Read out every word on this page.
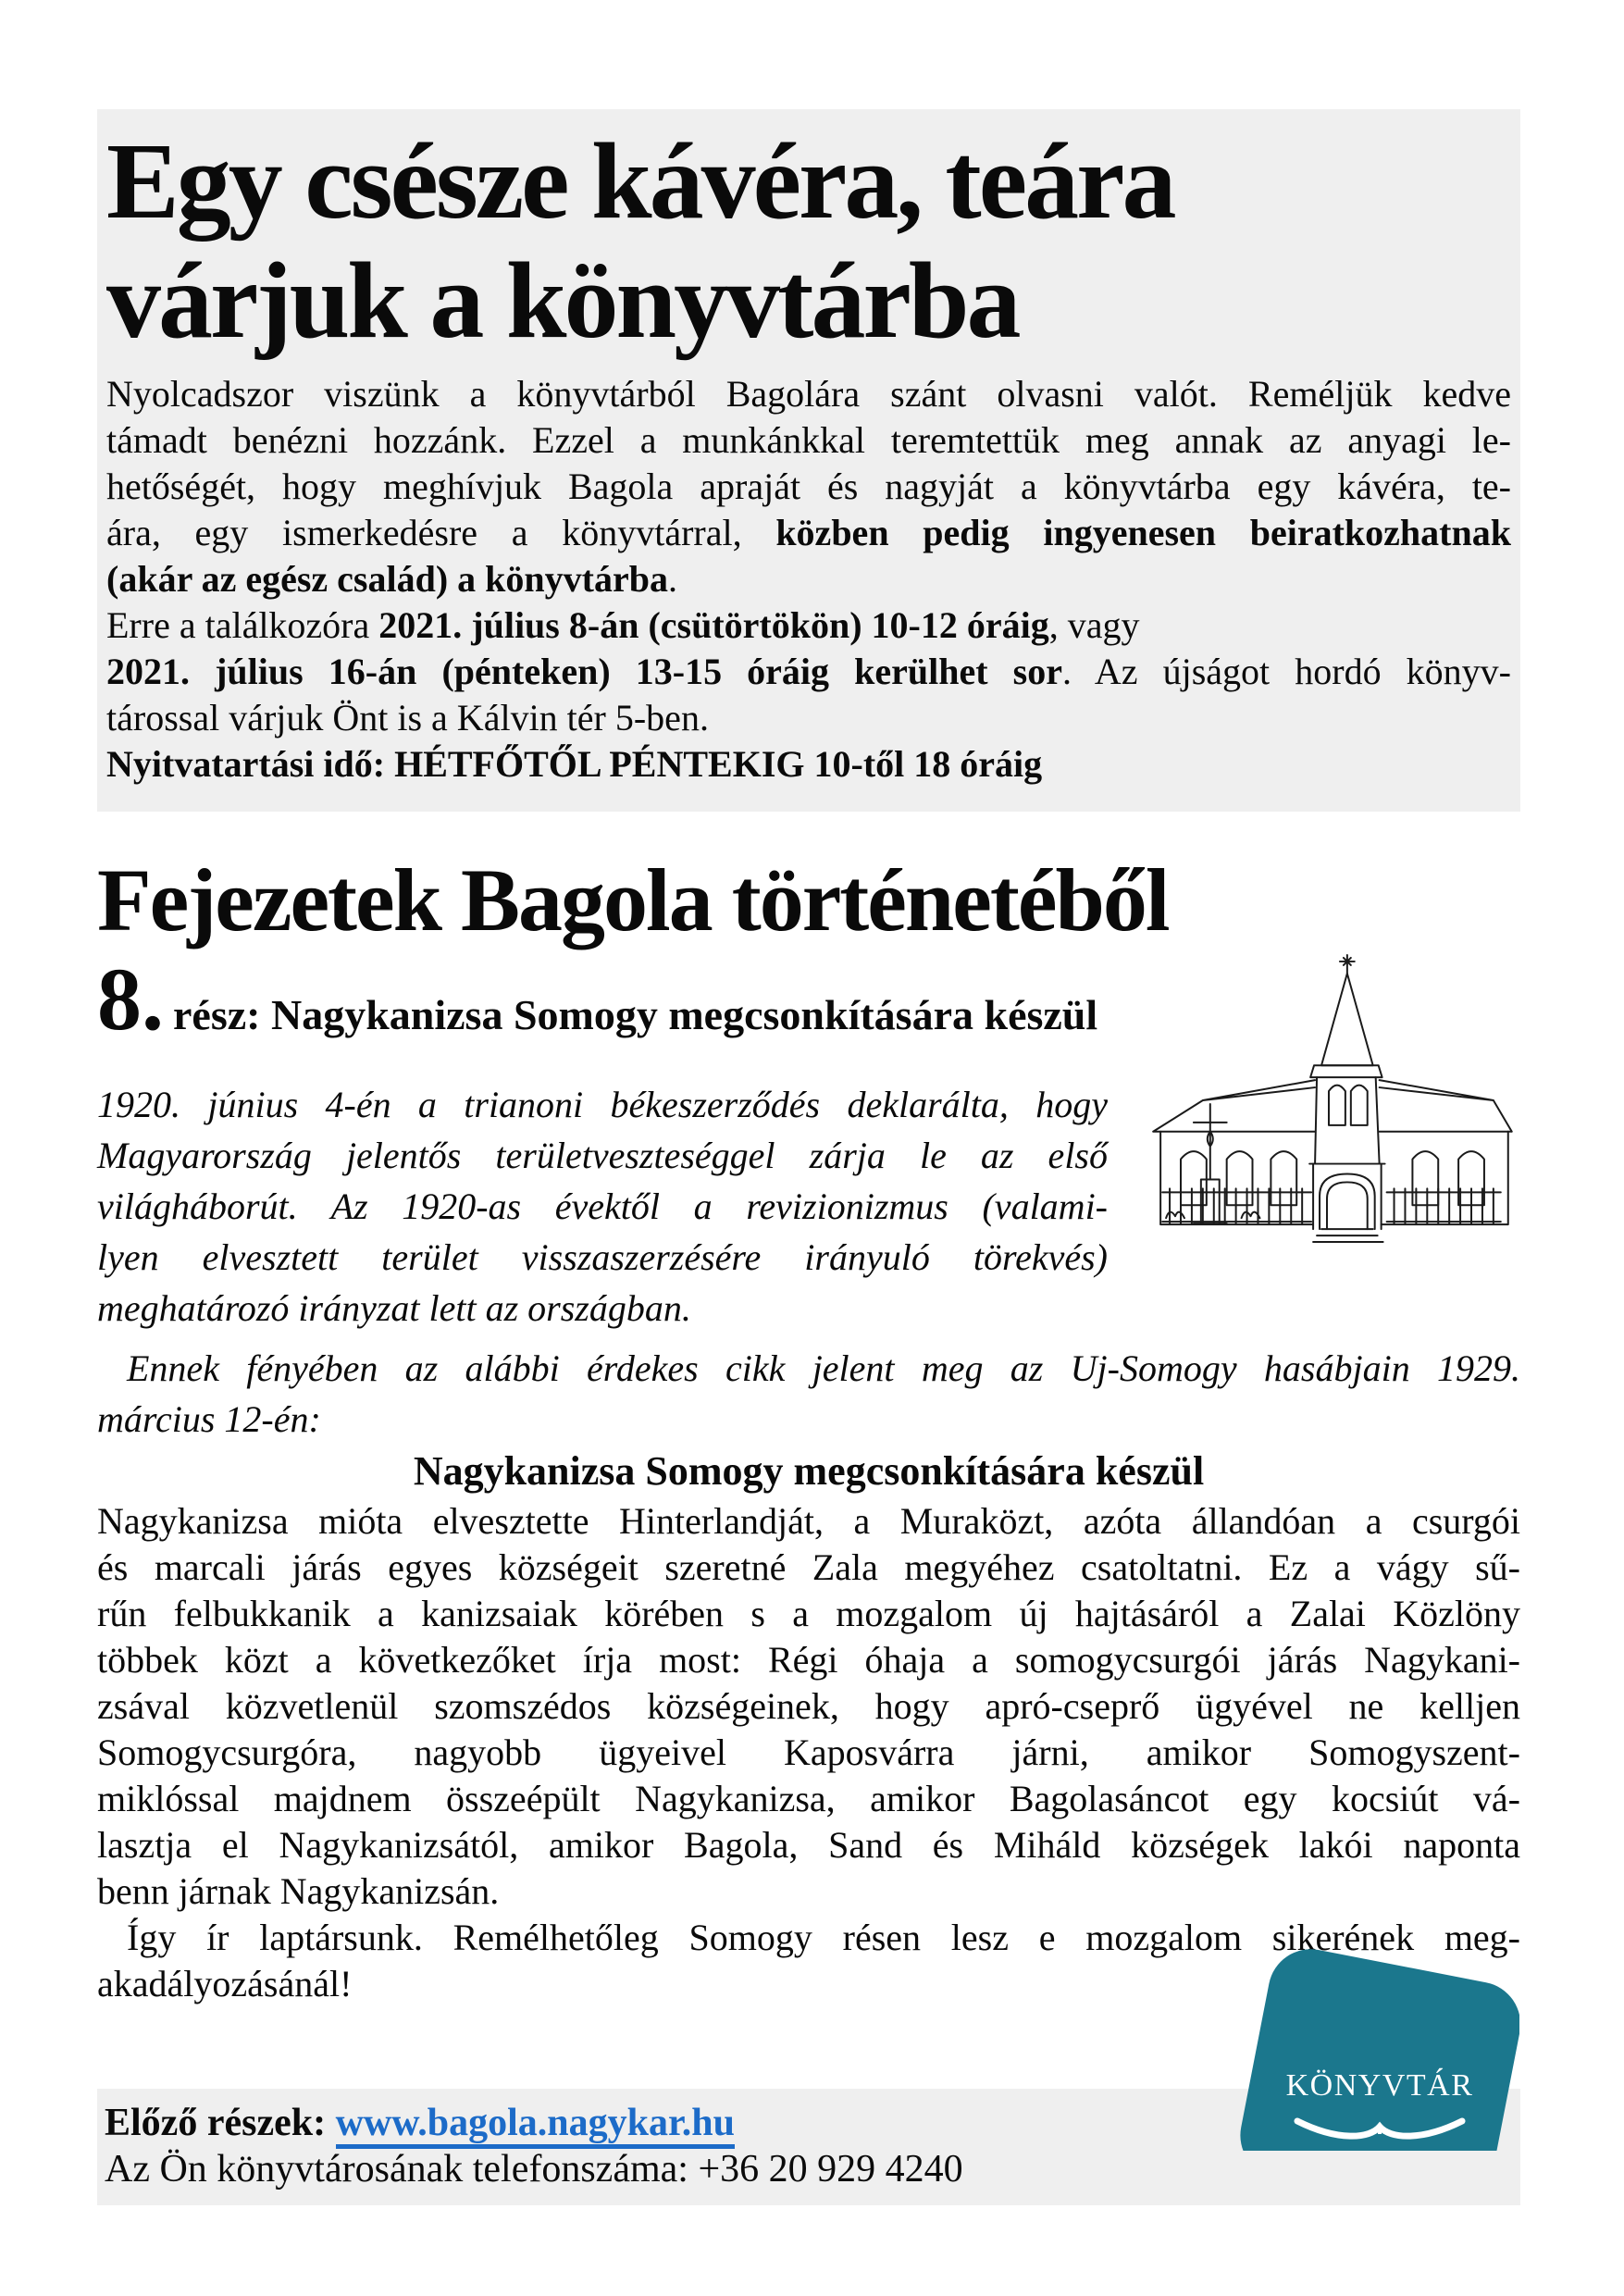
Egy csésze kávéra, teára
várjuk a könyvtárba
Nyolcadszor viszünk a könyvtárból Bagolára szánt olvasni valót. Reméljük kedve
támadt benézni hozzánk. Ezzel a munkánkkal teremtettük meg annak az anyagi le-
hetőségét, hogy meghívjuk Bagola apraját és nagyját a könyvtárba egy kávéra, te-
ára, egy ismerkedésre a könyvtárral, közben pedig ingyenesen beiratkozhatnak
(akár az egész család) a könyvtárba.
Erre a találkozóra 2021. július 8-án (csütörtökön) 10-12 óráig, vagy
2021. július 16-án (pénteken) 13-15 óráig kerülhet sor. Az újságot hordó könyv-
tárossal várjuk Önt is a Kálvin tér 5-ben.
Nyitvatartási idő: HÉTFŐTŐL PÉNTEKIG 10-től 18 óráig
Fejezetek Bagola történetéből
8. rész: Nagykanizsa Somogy megcsonkítására készül
1920. június 4-én a trianoni békeszerződés deklarálta, hogy
Magyarország jelentős területveszteséggel zárja le az első
világháborút. Az 1920-as évektől a revizionizmus (valami-
lyen elvesztett terület visszaszerzésére irányuló törekvés)
meghatározó irányzat lett az országban.
Ennek fényében az alábbi érdekes cikk jelent meg az Uj-Somogy hasábjain 1929.
március 12-én:
Nagykanizsa Somogy megcsonkítására készül
Nagykanizsa mióta elvesztette Hinterlandját, a Muraközt, azóta állandóan a csurgói
és marcali járás egyes községeit szeretné Zala megyéhez csatoltatni. Ez a vágy sű-
rűn felbukkanik a kanizsaiak körében s a mozgalom új hajtásáról a Zalai Közlöny
többek közt a következőket írja most: Régi óhaja a somogycsurgói járás Nagykani-
zsával közvetlenül szomszédos községeinek, hogy apró-cseprő ügyével ne kelljen
Somogycsurgóra, nagyobb ügyeivel Kaposvárra járni, amikor Somogyszent-
miklóssal majdnem összeépült Nagykanizsa, amikor Bagolasáncot egy kocsiút vá-
lasztja el Nagykanizsától, amikor Bagola, Sand és Miháld községek lakói naponta
benn járnak Nagykanizsán.
Így ír laptársunk. Remélhetőleg Somogy résen lesz e mozgalom sikerének meg-
akadályozásánál!
Előző részek: www.bagola.nagykar.hu
Az Ön könyvtárosának telefonszáma: +36 20 929 4240
KÖNYVTÁR
